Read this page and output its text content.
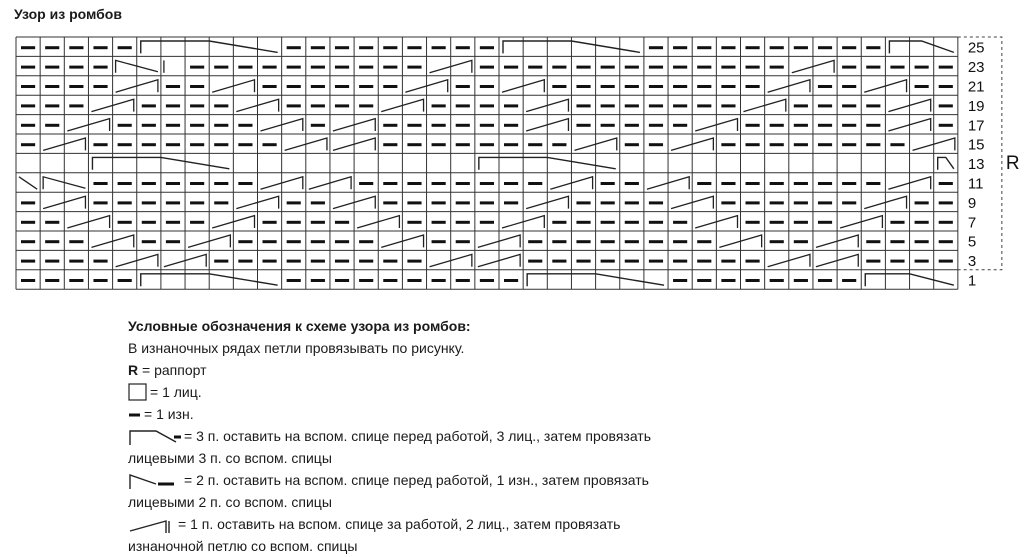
Узор из ромбов
25
23
21
19
17
15
13
11
9
7
5
3
1
R
Условные обозначения к схеме узора из ромбов:
В изнаночных рядах петли провязывать по рисунку.
R = раппорт
= 1 лиц.
= 1 изн.
= 3 п. оставить на вспом. спице перед работой, 3 лиц., затем провязать
лицевыми 3 п. со вспом. спицы
= 2 п. оставить на вспом. спице перед работой, 1 изн., затем провязать
лицевыми 2 п. со вспом. спицы
= 1 п. оставить на вспом. спице за работой, 2 лиц., затем провязать
изнаночной петлю со вспом. спицы
